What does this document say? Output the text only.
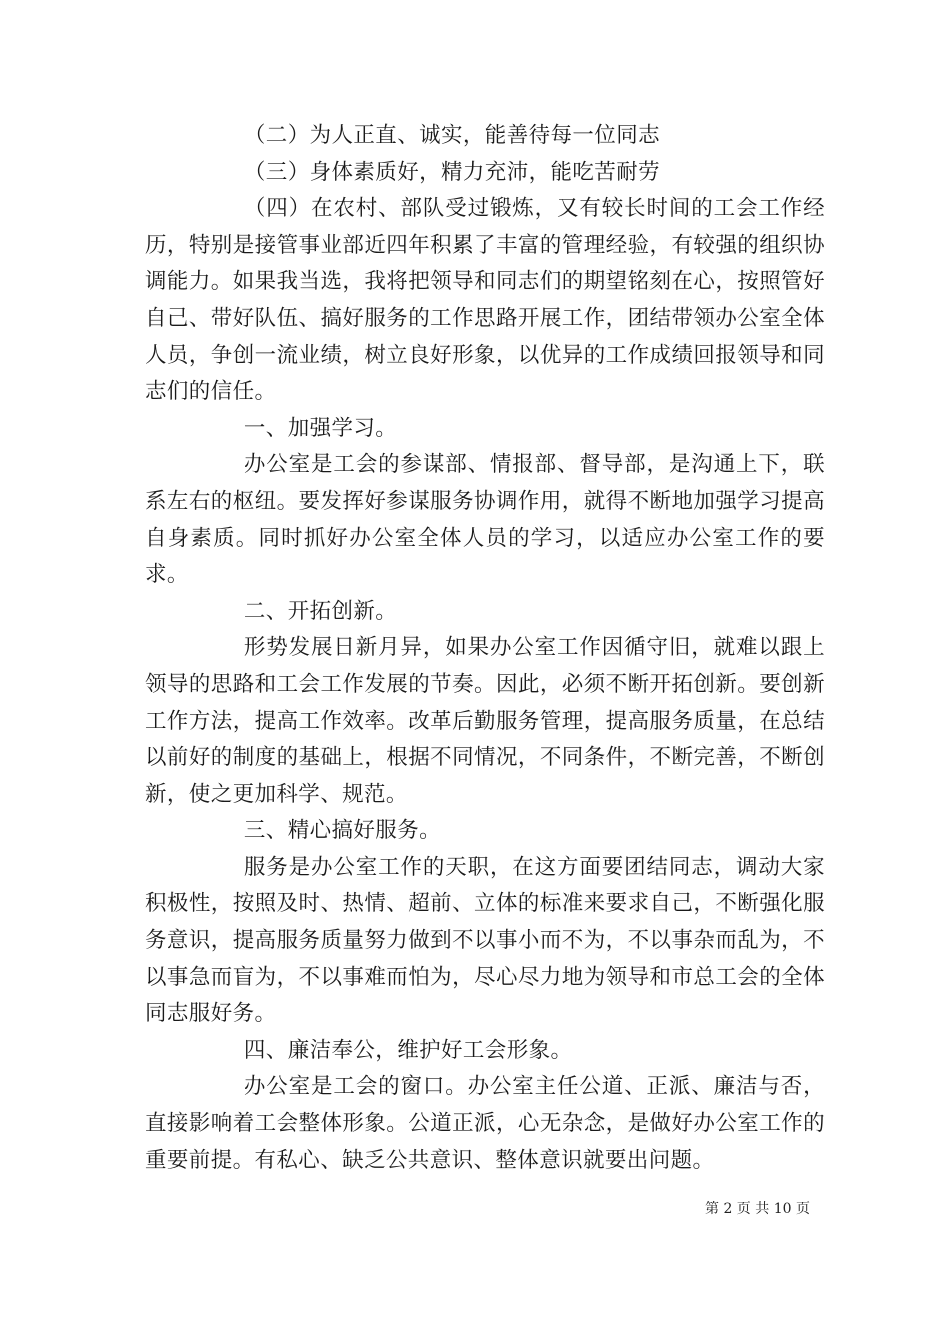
（二）为人正直、诚实，能善待每一位同志

（三）身体素质好，精力充沛，能吃苦耐劳

（四）在农村、部队受过锻炼，又有较长时间的工会工作经历，特别是接管事业部近四年积累了丰富的管理经验，有较强的组织协调能力。如果我当选，我将把领导和同志们的期望铭刻在心，按照管好自己、带好队伍、搞好服务的工作思路开展工作，团结带领办公室全体人员，争创一流业绩，树立良好形象，以优异的工作成绩回报领导和同志们的信任。

一、加强学习。

办公室是工会的参谋部、情报部、督导部，是沟通上下，联系左右的枢纽。要发挥好参谋服务协调作用，就得不断地加强学习提高自身素质。同时抓好办公室全体人员的学习，以适应办公室工作的要求。

二、开拓创新。

形势发展日新月异，如果办公室工作因循守旧，就难以跟上领导的思路和工会工作发展的节奏。因此，必须不断开拓创新。要创新工作方法，提高工作效率。改革后勤服务管理，提高服务质量，在总结以前好的制度的基础上，根据不同情况，不同条件，不断完善，不断创新，使之更加科学、规范。

三、精心搞好服务。

服务是办公室工作的天职，在这方面要团结同志，调动大家积极性，按照及时、热情、超前、立体的标准来要求自己，不断强化服务意识，提高服务质量努力做到不以事小而不为，不以事杂而乱为，不以事急而盲为，不以事难而怕为，尽心尽力地为领导和市总工会的全体同志服好务。

四、廉洁奉公，维护好工会形象。

办公室是工会的窗口。办公室主任公道、正派、廉洁与否，直接影响着工会整体形象。公道正派，心无杂念，是做好办公室工作的重要前提。有私心、缺乏公共意识、整体意识就要出问题。

第 2 页 共 10 页
